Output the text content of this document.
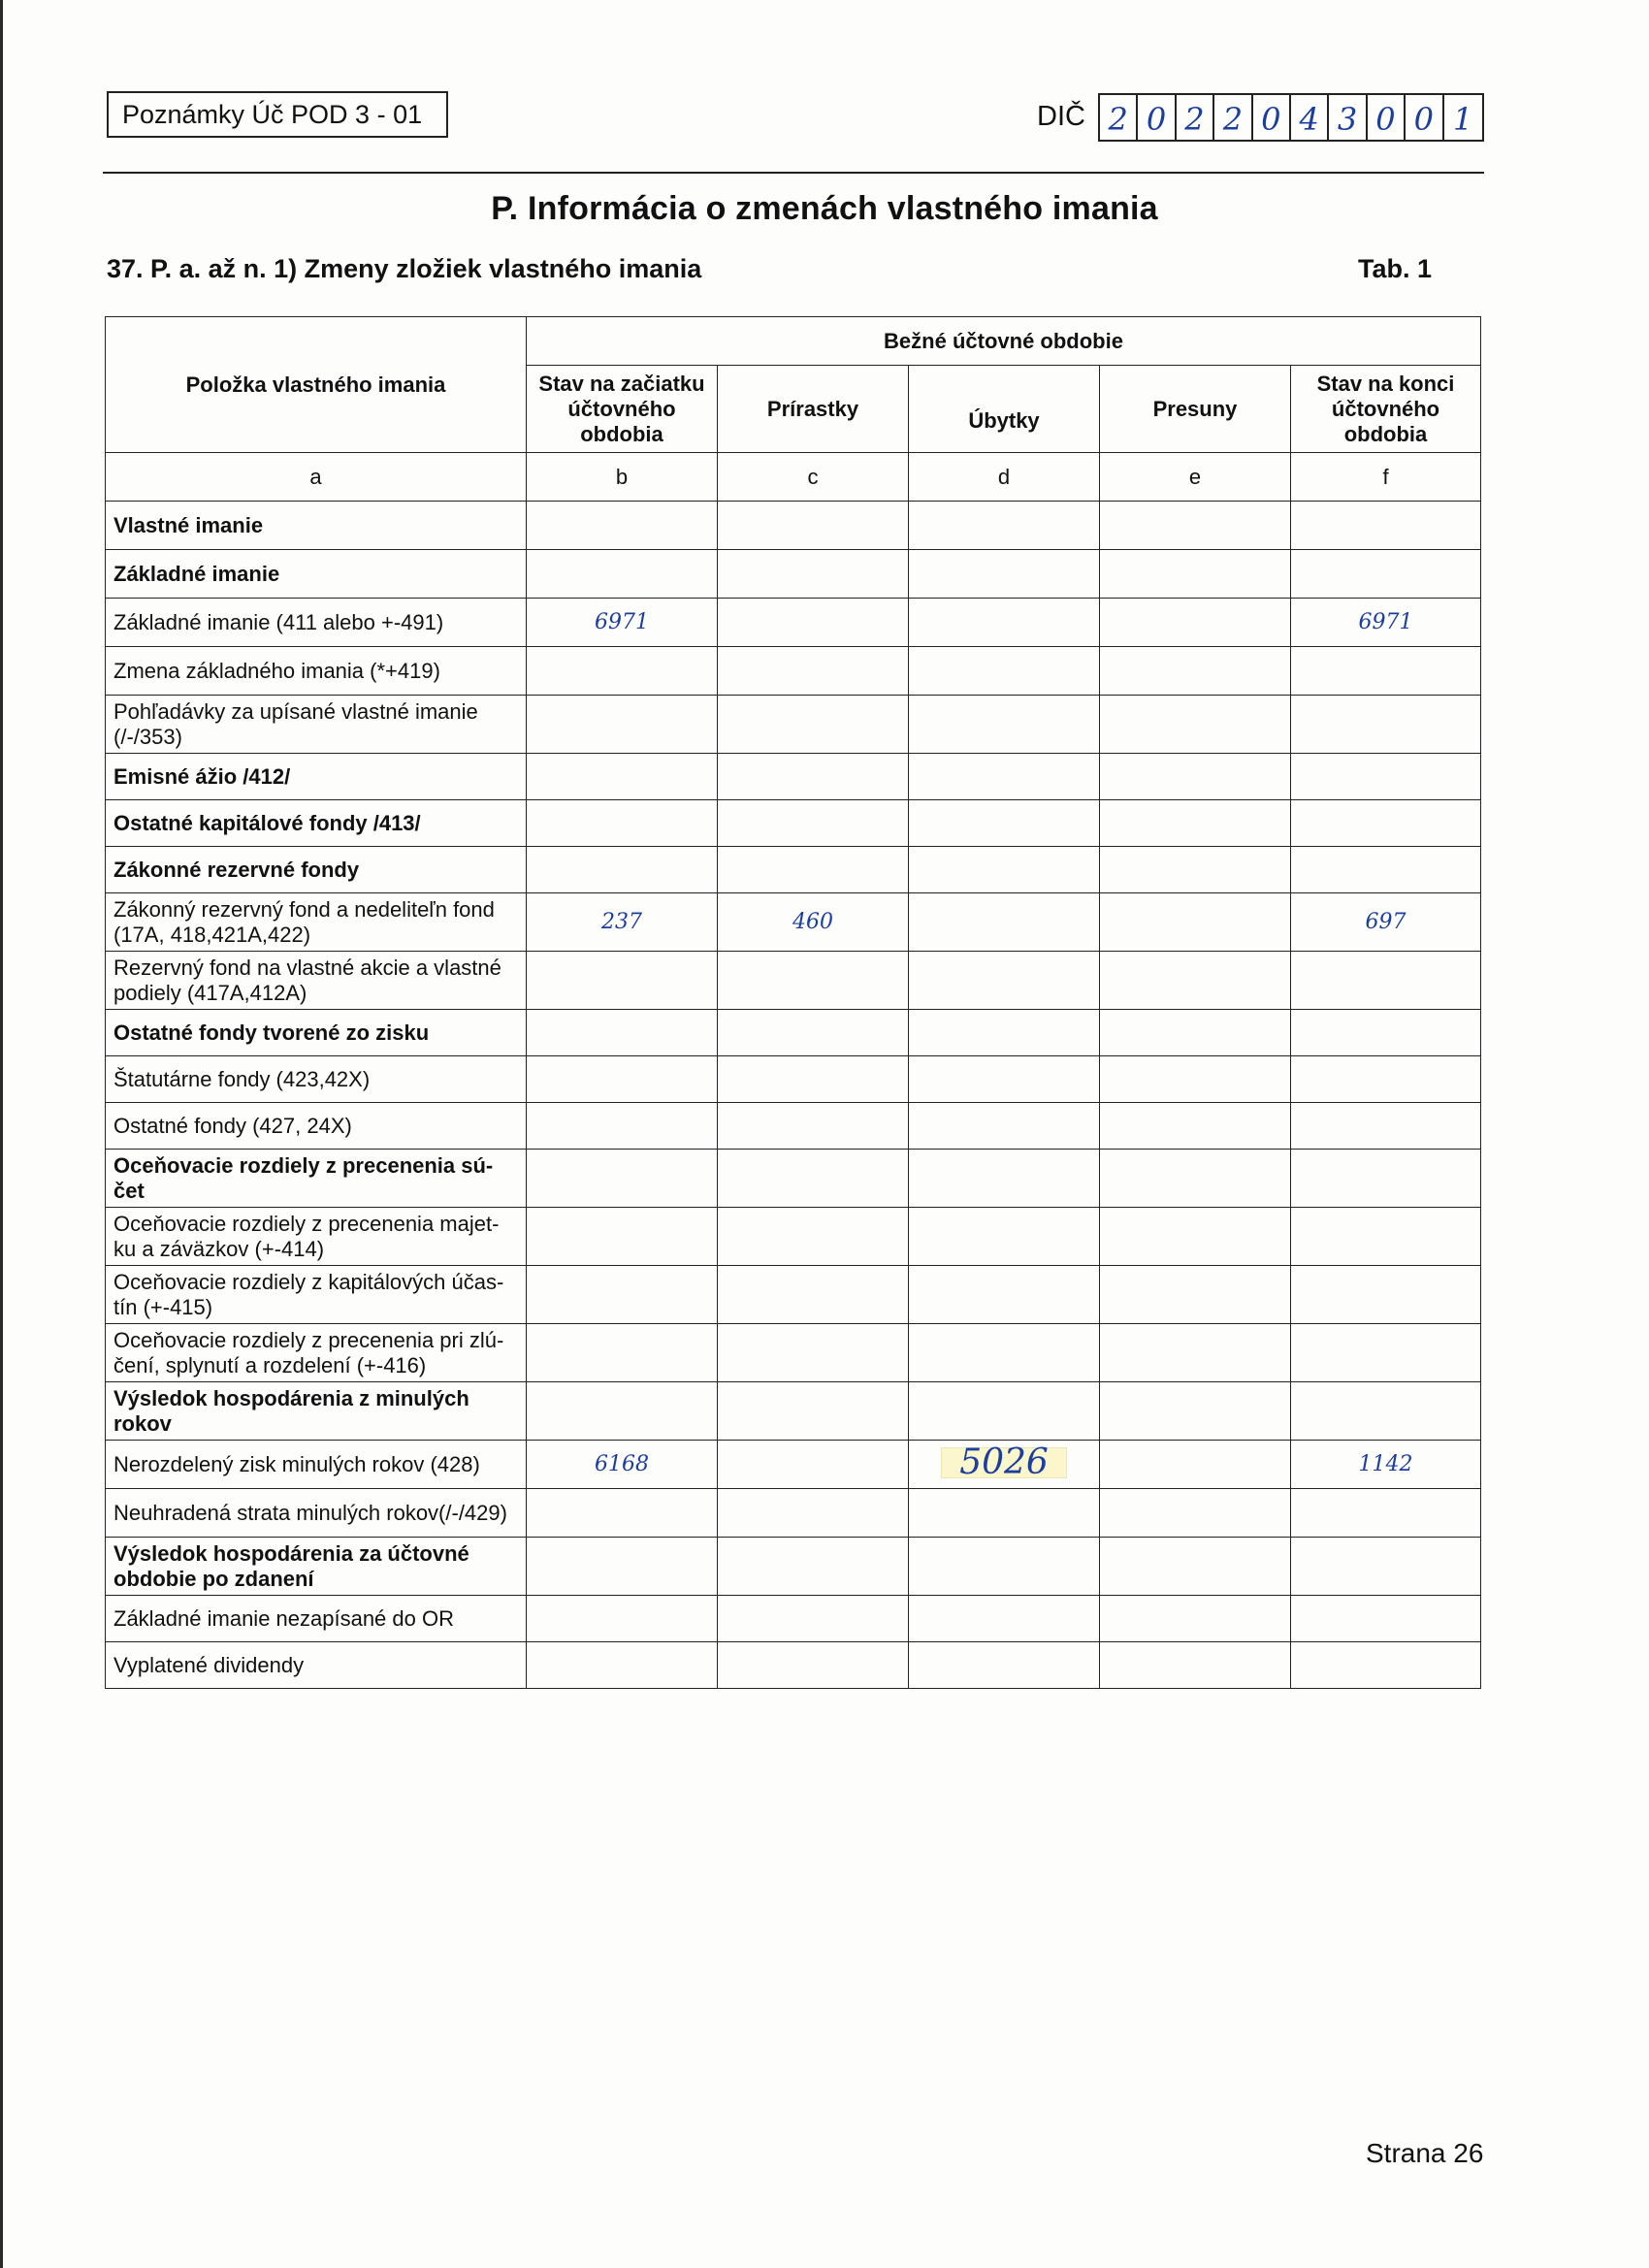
Poznámky Úč POD 3 - 01	DIČ 2 0 2 2 0 4 3 0 0 1
P. Informácia o zmenách vlastného imania
37. P. a. až n. 1) Zmeny zložiek vlastného imania	Tab. 1
Položka vlastného imania	Bežné účtovné obdobie				
	Stav na začiatku účtovného obdobia	Prírastky	Úbytky	Presuny	Stav na konci účtovného obdobia
a	b	c	d	e	f
Vlastné imanie					
Základné imanie					
Základné imanie (411 alebo +-491)	6971				6971
Zmena základného imania (*+419)					
Pohľadávky za upísané vlastné imanie (/-/353)					
Emisné ážio /412/					
Ostatné kapitálové fondy /413/					
Zákonné rezervné fondy					
Zákonný rezervný fond a nedeliteľn fond (17A, 418,421A,422)	237	460			697
Rezervný fond na vlastné akcie a vlastné podiely (417A,412A)					
Ostatné fondy tvorené zo zisku					
Štatutárne fondy (423,42X)					
Ostatné fondy (427, 24X)					
Oceňovacie rozdiely z precenenia sú-čet					
Oceňovacie rozdiely z precenenia majet-ku a záväzkov (+-414)					
Oceňovacie rozdiely z kapitálových účas-tín (+-415)					
Oceňovacie rozdiely z precenenia pri zlú-čení, splynutí a rozdelení (+-416)					
Výsledok hospodárenia z minulých rokov					
Nerozdelený zisk minulých rokov (428)	6168		5026		1142
Neuhradená strata minulých rokov(/-/429)					
Výsledok hospodárenia za účtovné obdobie po zdanení					
Základné imanie nezapísané do OR					
Vyplatené dividendy					
Strana 26
